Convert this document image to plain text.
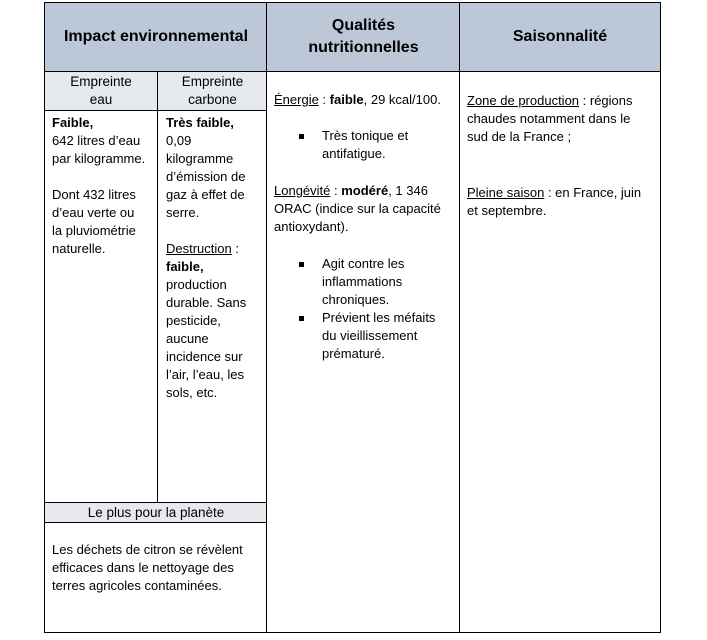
Impact environnemental
Qualités
nutritionnelles
Saisonnalité
Empreinte
eau
Empreinte
carbone
Le plus pour la planète
Faible,
642 litres d’eau
par kilogramme.
Dont 432 litres
d’eau verte ou
la pluviométrie
naturelle.
Très faible,
0,09
kilogramme
d’émission de
gaz à effet de
serre.
Destruction :
faible,
production
durable. Sans
pesticide,
aucune
incidence sur
l’air, l’eau, les
sols, etc.
Les déchets de citron se révèlent
efficaces dans le nettoyage des
terres agricoles contaminées.
Énergie : faible, 29 kcal/100.
Très tonique et
antifatigue.
Longévité : modéré, 1 346
ORAC (indice sur la capacité
antioxydant).
Agit contre les
inflammations
chroniques.
Prévient les méfaits
du vieillissement
prématuré.
Zone de production : régions
chaudes notamment dans le
sud de la France ;
Pleine saison : en France, juin
et septembre.
